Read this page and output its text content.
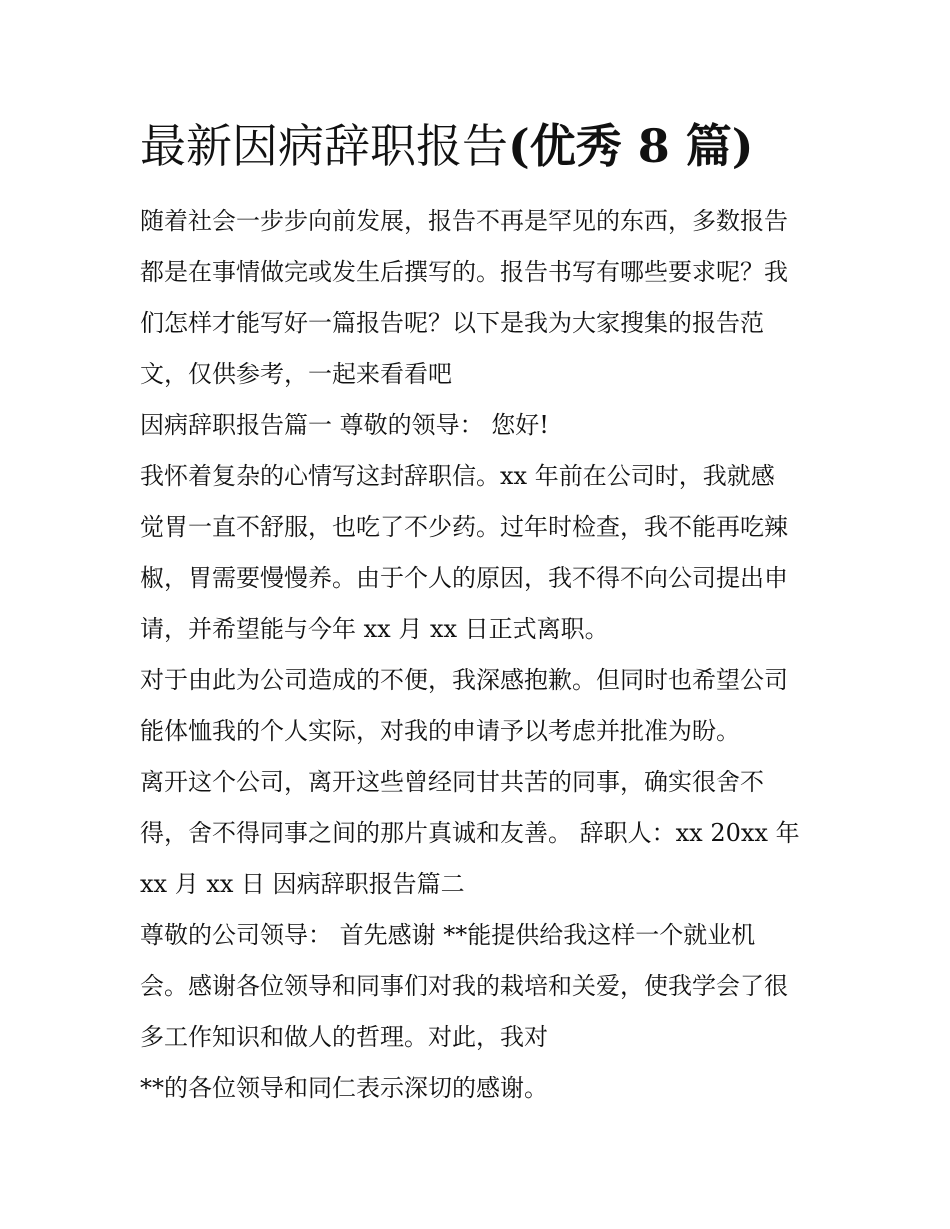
最新因病辞职报告(优秀 8 篇)

随着社会一步步向前发展，报告不再是罕见的东西，多数报告

都是在事情做完或发生后撰写的。报告书写有哪些要求呢？我

们怎样才能写好一篇报告呢？以下是我为大家搜集的报告范

文，仅供参考，一起来看看吧

因病辞职报告篇一 尊敬的领导： 您好!

我怀着复杂的心情写这封辞职信。xx 年前在公司时，我就感

觉胃一直不舒服，也吃了不少药。过年时检查，我不能再吃辣

椒，胃需要慢慢养。由于个人的原因，我不得不向公司提出申

请，并希望能与今年 xx 月 xx 日正式离职。

对于由此为公司造成的不便，我深感抱歉。但同时也希望公司

能体恤我的个人实际，对我的申请予以考虑并批准为盼。

离开这个公司，离开这些曾经同甘共苦的同事，确实很舍不

得，舍不得同事之间的那片真诚和友善。 辞职人：xx 20xx 年

xx 月 xx 日 因病辞职报告篇二

尊敬的公司领导： 首先感谢 **能提供给我这样一个就业机

会。感谢各位领导和同事们对我的栽培和关爱，使我学会了很

多工作知识和做人的哲理。对此，我对

**的各位领导和同仁表示深切的感谢。
